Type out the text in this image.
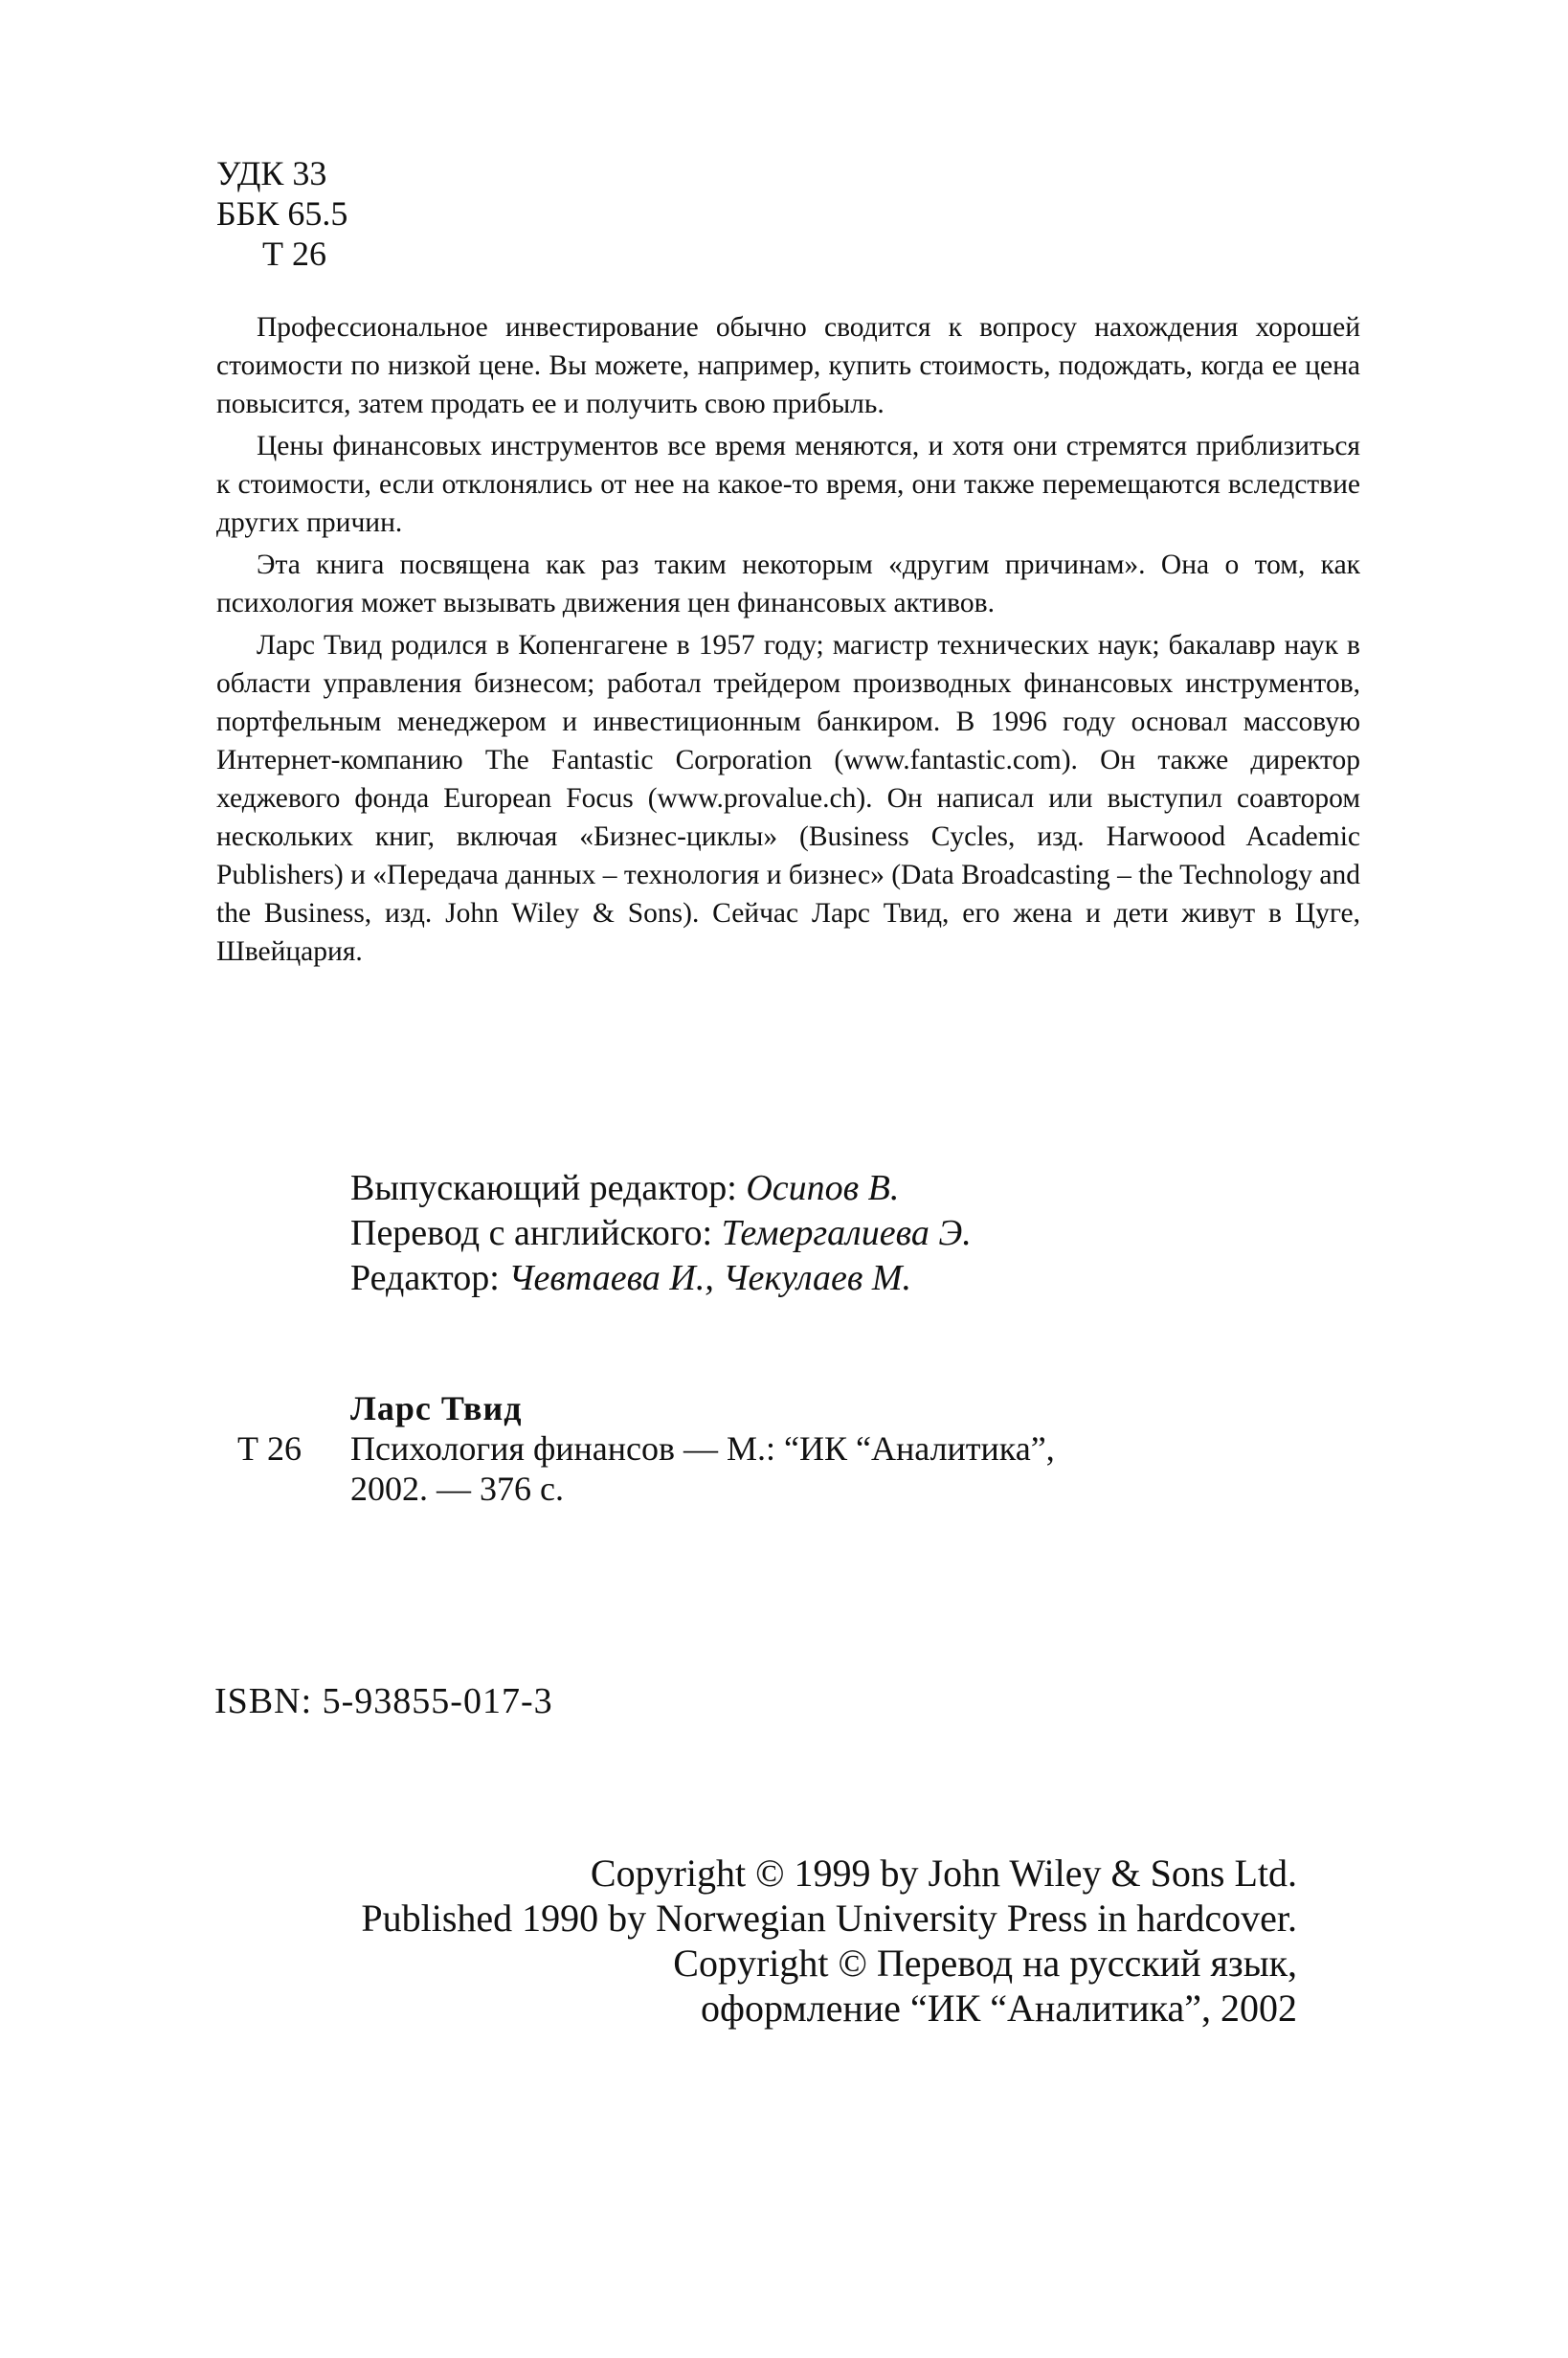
УДК 33
ББК 65.5
Т 26

Профессиональное инвестирование обычно сводится к вопросу нахождения хорошей стоимости по низкой цене. Вы можете, например, купить стоимость, подождать, когда ее цена повысится, затем продать ее и получить свою прибыль.

Цены финансовых инструментов все время меняются, и хотя они стремятся приблизиться к стоимости, если отклонялись от нее на какое-то время, они также перемещаются вследствие других причин.

Эта книга посвящена как раз таким некоторым «другим причинам». Она о том, как психология может вызывать движения цен финансовых активов.

Ларс Твид родился в Копенгагене в 1957 году; магистр технических наук; бакалавр наук в области управления бизнесом; работал трейдером производных финансовых инструментов, портфельным менеджером и инвестиционным банкиром. В 1996 году основал массовую Интернет-компанию The Fantastic Corporation (www.fantastic.com). Он также директор хеджевого фонда European Focus (www.provalue.ch). Он написал или выступил соавтором нескольких книг, включая «Бизнес-циклы» (Business Cycles, изд. Harwoood Academic Publishers) и «Передача данных – технология и бизнес» (Data Broadcasting – the Technology and the Business, изд. John Wiley & Sons). Сейчас Ларс Твид, его жена и дети живут в Цуге, Швейцария.

Выпускающий редактор: Осипов В.
Перевод с английского: Темергалиева Э.
Редактор: Чевтаева И., Чекулаев М.
Ларс Твид
Т 26 Психология финансов — М.: “ИК “Аналитика”,
2002. — 376 с.
ISBN: 5-93855-017-3
Copyright © 1999 by John Wiley & Sons Ltd.
Published 1990 by Norwegian University Press in hardcover.
Copyright © Перевод на русский язык,
оформление “ИК “Аналитика”, 2002
